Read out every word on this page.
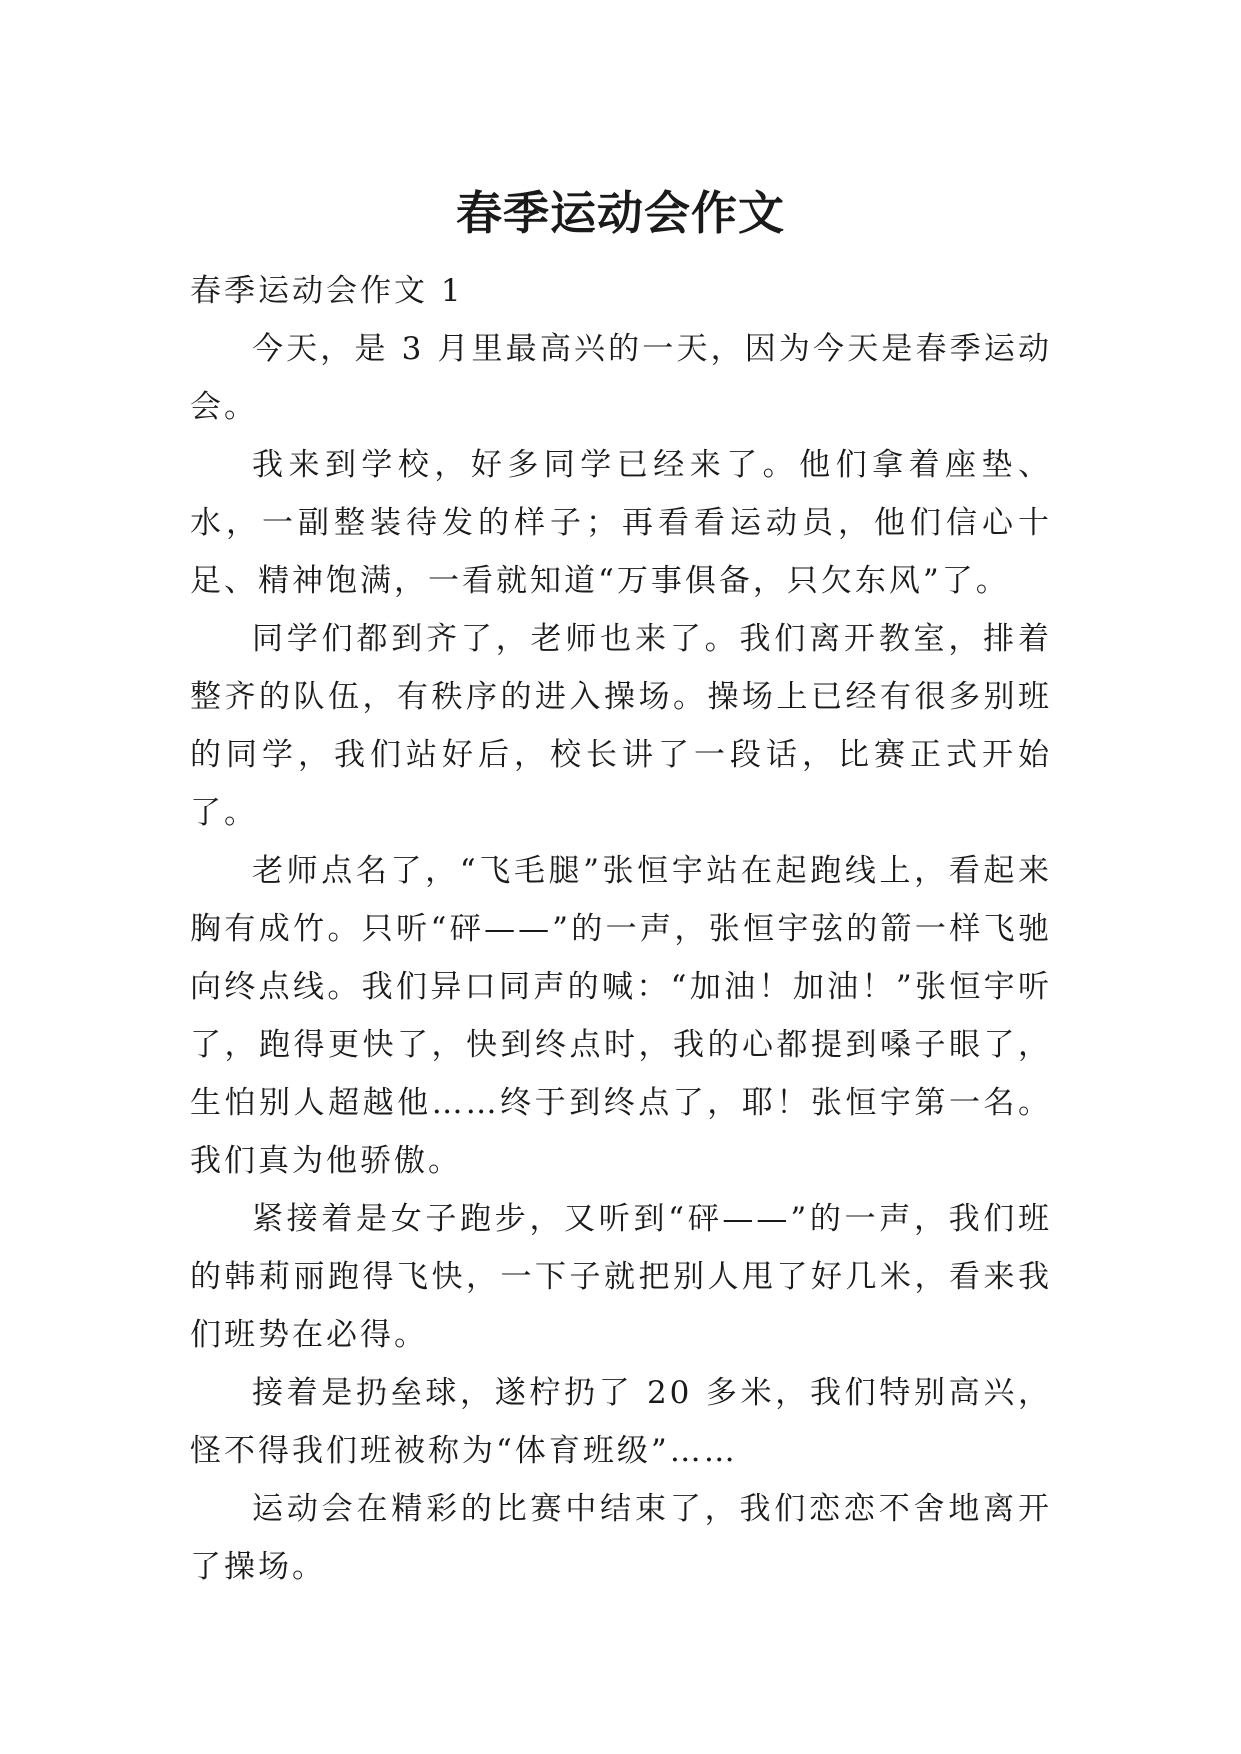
春季运动会作文

春季运动会作文 1

今天，是 3 月里最高兴的一天，因为今天是春季运动会。

我来到学校，好多同学已经来了。他们拿着座垫、水，一副整装待发的样子；再看看运动员，他们信心十足、精神饱满，一看就知道“万事俱备，只欠东风”了。

同学们都到齐了，老师也来了。我们离开教室，排着整齐的队伍，有秩序的进入操场。操场上已经有很多别班的同学，我们站好后，校长讲了一段话，比赛正式开始了。

老师点名了，“飞毛腿”张恒宇站在起跑线上，看起来胸有成竹。只听“砰——”的一声，张恒宇弦的箭一样飞驰向终点线。我们异口同声的喊：“加油！加油！”张恒宇听了，跑得更快了，快到终点时，我的心都提到嗓子眼了，生怕别人超越他……终于到终点了，耶！张恒宇第一名。我们真为他骄傲。

紧接着是女子跑步，又听到“砰——”的一声，我们班的韩莉丽跑得飞快，一下子就把别人甩了好几米，看来我们班势在必得。

接着是扔垒球，遂柠扔了 20 多米，我们特别高兴，怪不得我们班被称为“体育班级”……

运动会在精彩的比赛中结束了，我们恋恋不舍地离开了操场。
